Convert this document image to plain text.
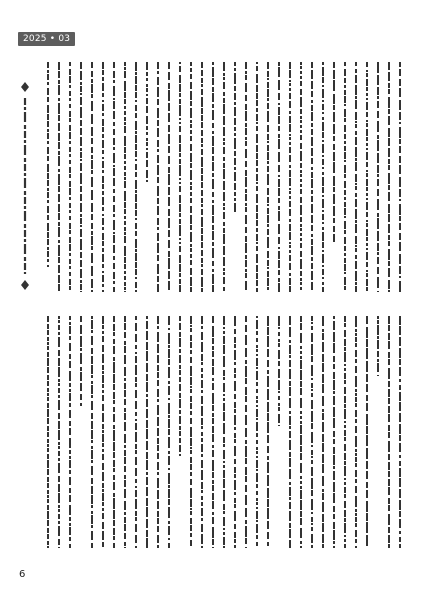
2025 • 03
6
